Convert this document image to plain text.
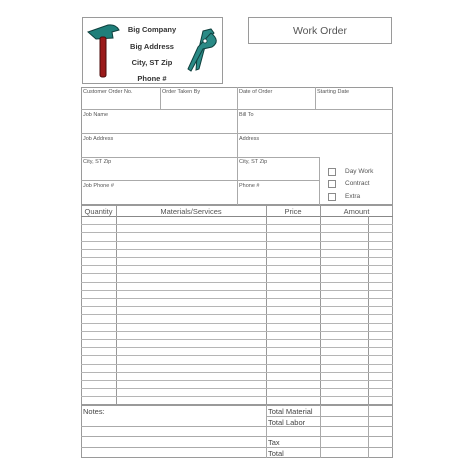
Big Company
Big Address
City, ST Zip
Phone #
Work Order
Customer Order No.	Order Taken By	Date of Order	Starting Date
Job Name	Bill To
Job Address	Address
City, ST Zip	City, ST Zip
Job Phone #	Phone #
Day Work
Contract
Extra
Quantity	Materials/Services	Price	Amount
Notes:	Total Material
Total Labor
Tax
Total
